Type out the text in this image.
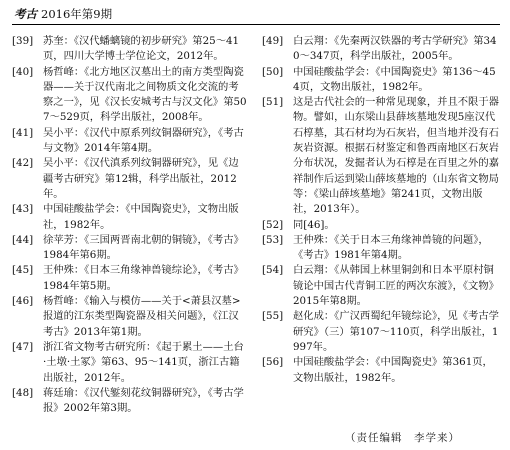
考古 2016年第9期
[39] 苏奎：《汉代蟠螭镜的初步研究》第25～41页，四川大学博士学位论文，2012年。
[40] 杨哲峰：《北方地区汉墓出土的南方类型陶瓷器——关于汉代南北之间物质文化交流的考察之一》，见《汉长安城考古与汉文化》第507～529页，科学出版社，2008年。
[41] 吴小平：《汉代中原系列纹铜器研究》，《考古与文物》2014年第4期。
[42] 吴小平：《汉代滇系列纹铜器研究》，见《边疆考古研究》第12辑，科学出版社，2012年。
[43] 中国硅酸盐学会：《中国陶瓷史》，文物出版社，1982年。
[44] 徐苹芳：《三国两晋南北朝的铜镜》，《考古》1984年第6期。
[45] 王仲殊：《日本三角缘神兽镜综论》，《考古》1984年第5期。
[46] 杨哲峰：《输入与模仿——关于<萧县汉墓>报道的江东类型陶瓷器及相关问题》，《江汉考古》2013年第1期。
[47] 浙江省文物考古研究所：《起于累土——土台·土墩·土冢》第63、95～141页，浙江古籍出版社，2012年。
[48] 蒋廷瑜：《汉代錾刻花纹铜器研究》，《考古学报》2002年第3期。
[49] 白云翔：《先秦两汉铁器的考古学研究》第340～347页，科学出版社，2005年。
[50] 中国硅酸盐学会：《中国陶瓷史》第136～454页，文物出版社，1982年。
[51] 这是古代社会的一种常见现象，并且不限于器物。譬如，山东梁山县薛垓墓地发现5座汉代石椁墓，其石材均为石灰岩，但当地并没有石灰岩资源。根据石材鉴定和鲁西南地区石灰岩分布状况，发掘者认为石椁是在百里之外的嘉祥制作后运到梁山薛垓墓地的（山东省文物局等：《梁山薛垓墓地》第241页，文物出版社，2013年）。
[52] 同[46]。
[53] 王仲殊：《关于日本三角缘神兽镜的问题》，《考古》1981年第4期。
[54] 白云翔：《从韩国上林里铜剑和日本平原村铜镜论中国古代青铜工匠的两次东渡》，《文物》2015年第8期。
[55] 赵化成：《广汉西蜀纪年镜综论》，见《考古学研究》（三）第107～110页，科学出版社，1997年。
[56] 中国硅酸盐学会：《中国陶瓷史》第361页，文物出版社，1982年。
（责任编辑　李学来）
